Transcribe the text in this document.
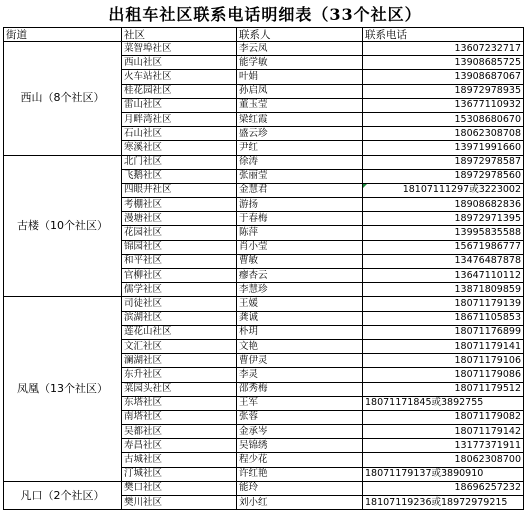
出租车社区联系电话明细表（33个社区）
街道	社区	联系人	联系电话
西山（8个社区）	菜智埠社区	李云凤	13607232717
	西山社区	能学敏	13908685725
	火车站社区	叶娟	13908687067
	桂花园社区	孙启凤	18972978935
	雷山社区	董玉莹	13677110932
	月畔湾社区	梁红霞	15308680670
	石山社区	盛云珍	18062308708
	寒溪社区	尹红	13971991660
古楼（10个社区）	北门社区	徐涛	18972978587
	飞鹅社区	张丽莹	18972978560
	四眼井社区	金慧君	18107111297或3223002
	考棚社区	游扬	18908682836
	漫塘社区	于春梅	18972971395
	花园社区	陈萍	13995835588
	锦园社区	肖小莹	15671986777
	和平社区	曹敏	13476487878
	官柳社区	瘳杏云	13647110112
	儒学社区	李慧珍	13871809859
凤凰（13个社区）	司徒社区	王媛	18071179139
	滨湖社区	龚诚	18671105853
	莲花山社区	朴玥	18071176899
	文汇社区	文艳	18071179141
	澜湖社区	曹伊灵	18071179106
	东升社区	李灵	18071179086
	菜园头社区	邵秀梅	18071179512
	东塔社区	王军	18071171845或3892755
	南塔社区	张蓉	18071179082
	吴都社区	金承岑	18071179142
	寿昌社区	吴锦绣	13177371911
	古城社区	程少花	18062308700
	汀城社区	许红艳	18071179137或3890910
凡口（2个社区）	樊口社区	能玲	18696257232
	樊川社区	刘小红	18107119236或18972979215
